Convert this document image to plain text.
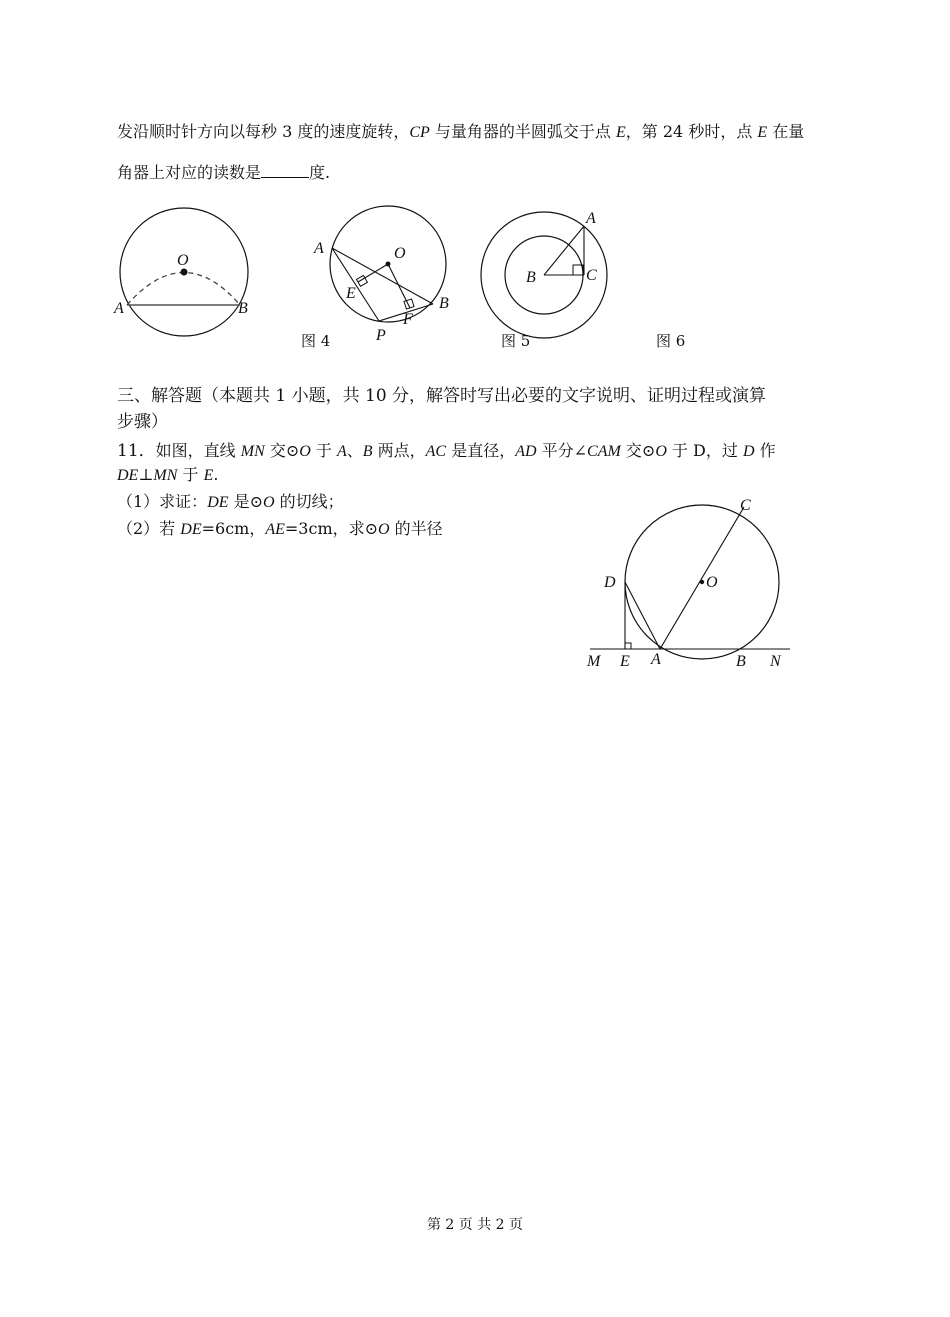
发沿顺时针方向以每秒 3 度的速度旋转，CP 与量角器的半圆弧交于点 E，第 24 秒时，点 E 在量
角器上对应的读数是	度.
O
A	B
A	O
E
B
F
P
图 4
A
B	C
图 5	图 6
三、解答题（本题共 1 小题，共 10 分，解答时写出必要的文字说明、证明过程或演算
步骤）
11．如图，直线 MN 交⊙O 于 A、B 两点，AC 是直径，AD 平分∠CAM 交⊙O 于 D，过 D 作
DE⊥MN 于 E.
（1）求证：DE 是⊙O 的切线；
（2）若 DE=6cm，AE=3cm，求⊙O 的半径
C
O
D
M E A	B N
第 2 页 共 2 页
